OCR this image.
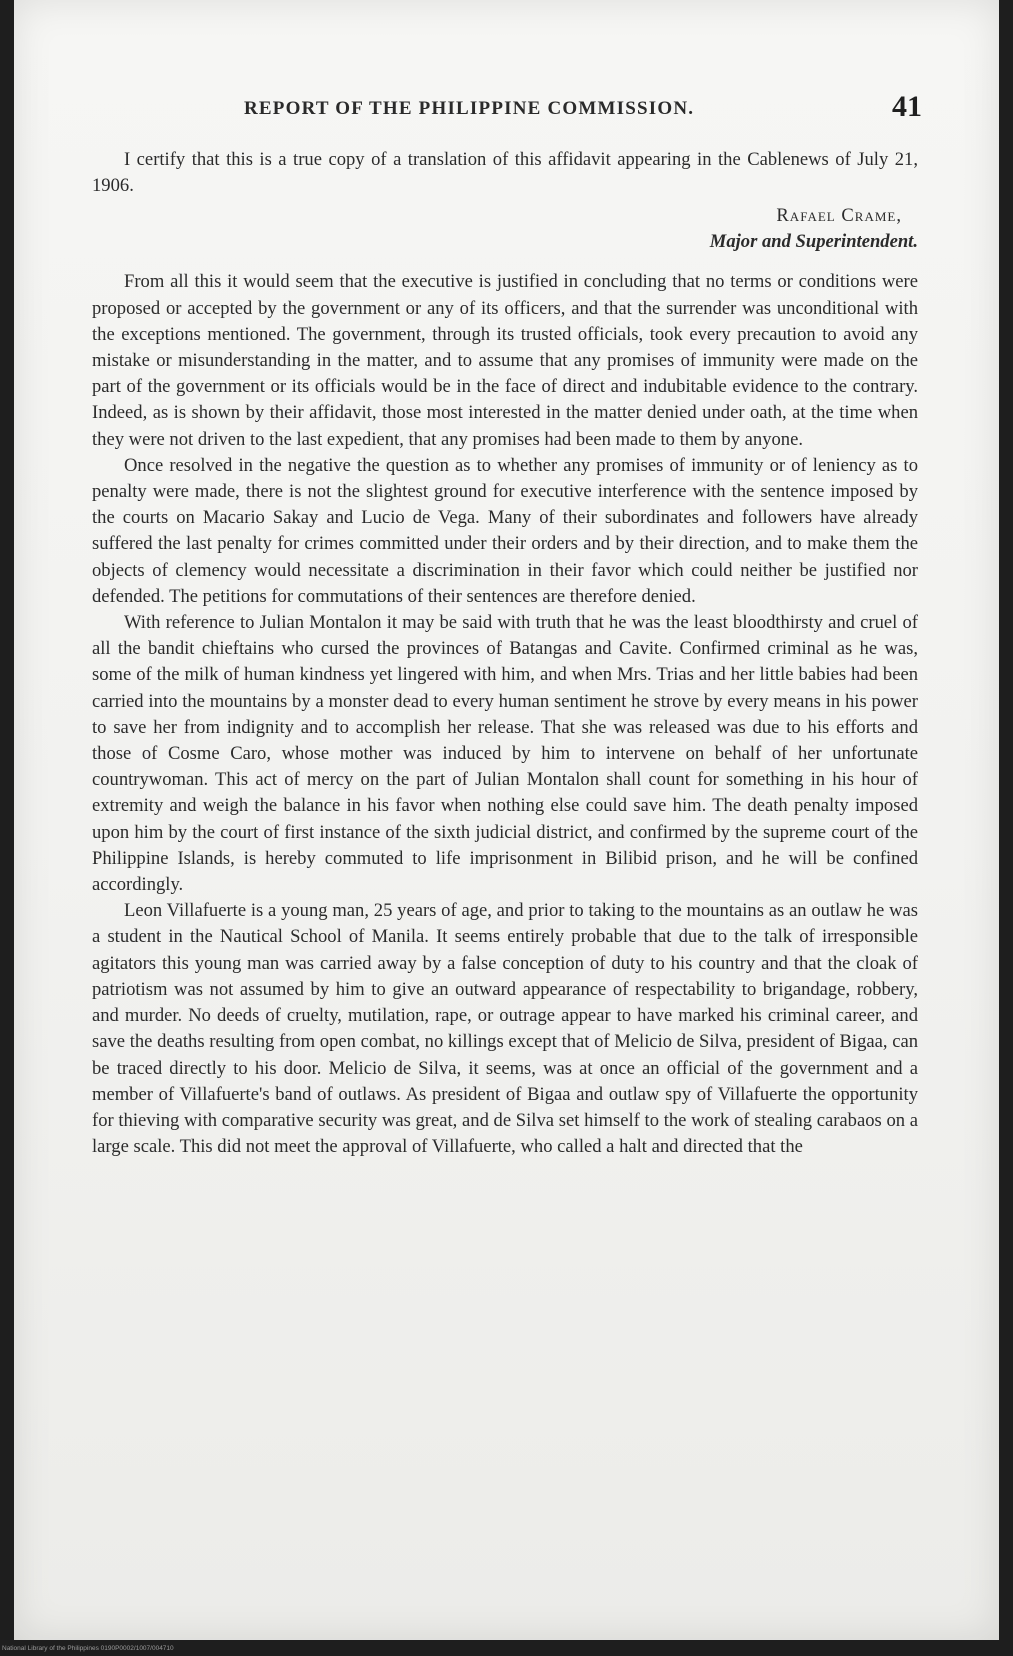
REPORT OF THE PHILIPPINE COMMISSION.	41

I certify that this is a true copy of a translation of this affidavit appearing in the Cablenews of July 21, 1906.

Rafael Crame,
Major and Superintendent.

From all this it would seem that the executive is justified in concluding that no terms or conditions were proposed or accepted by the government or any of its officers, and that the surrender was unconditional with the exceptions mentioned. The government, through its trusted officials, took every precaution to avoid any mistake or misunderstanding in the matter, and to assume that any promises of immunity were made on the part of the government or its officials would be in the face of direct and indubitable evidence to the contrary. Indeed, as is shown by their affidavit, those most interested in the matter denied under oath, at the time when they were not driven to the last expedient, that any promises had been made to them by anyone.

Once resolved in the negative the question as to whether any promises of immunity or of leniency as to penalty were made, there is not the slightest ground for executive interference with the sentence imposed by the courts on Macario Sakay and Lucio de Vega. Many of their subordinates and followers have already suffered the last penalty for crimes committed under their orders and by their direction, and to make them the objects of clemency would necessitate a discrimination in their favor which could neither be justified nor defended. The petitions for commutations of their sentences are therefore denied.

With reference to Julian Montalon it may be said with truth that he was the least bloodthirsty and cruel of all the bandit chieftains who cursed the provinces of Batangas and Cavite. Confirmed criminal as he was, some of the milk of human kindness yet lingered with him, and when Mrs. Trias and her little babies had been carried into the mountains by a monster dead to every human sentiment he strove by every means in his power to save her from indignity and to accomplish her release. That she was released was due to his efforts and those of Cosme Caro, whose mother was induced by him to intervene on behalf of her unfortunate countrywoman. This act of mercy on the part of Julian Montalon shall count for something in his hour of extremity and weigh the balance in his favor when nothing else could save him. The death penalty imposed upon him by the court of first instance of the sixth judicial district, and confirmed by the supreme court of the Philippine Islands, is hereby commuted to life imprisonment in Bilibid prison, and he will be confined accordingly.

Leon Villafuerte is a young man, 25 years of age, and prior to taking to the mountains as an outlaw he was a student in the Nautical School of Manila. It seems entirely probable that due to the talk of irresponsible agitators this young man was carried away by a false conception of duty to his country and that the cloak of patriotism was not assumed by him to give an outward appearance of respectability to brigandage, robbery, and murder. No deeds of cruelty, mutilation, rape, or outrage appear to have marked his criminal career, and save the deaths resulting from open combat, no killings except that of Melicio de Silva, president of Bigaa, can be traced directly to his door. Melicio de Silva, it seems, was at once an official of the government and a member of Villafuerte's band of outlaws. As president of Bigaa and outlaw spy of Villafuerte the opportunity for thieving with comparative security was great, and de Silva set himself to the work of stealing carabaos on a large scale. This did not meet the approval of Villafuerte, who called a halt and directed that the

National Library of the Philippines 0190P0002/1007/004710
